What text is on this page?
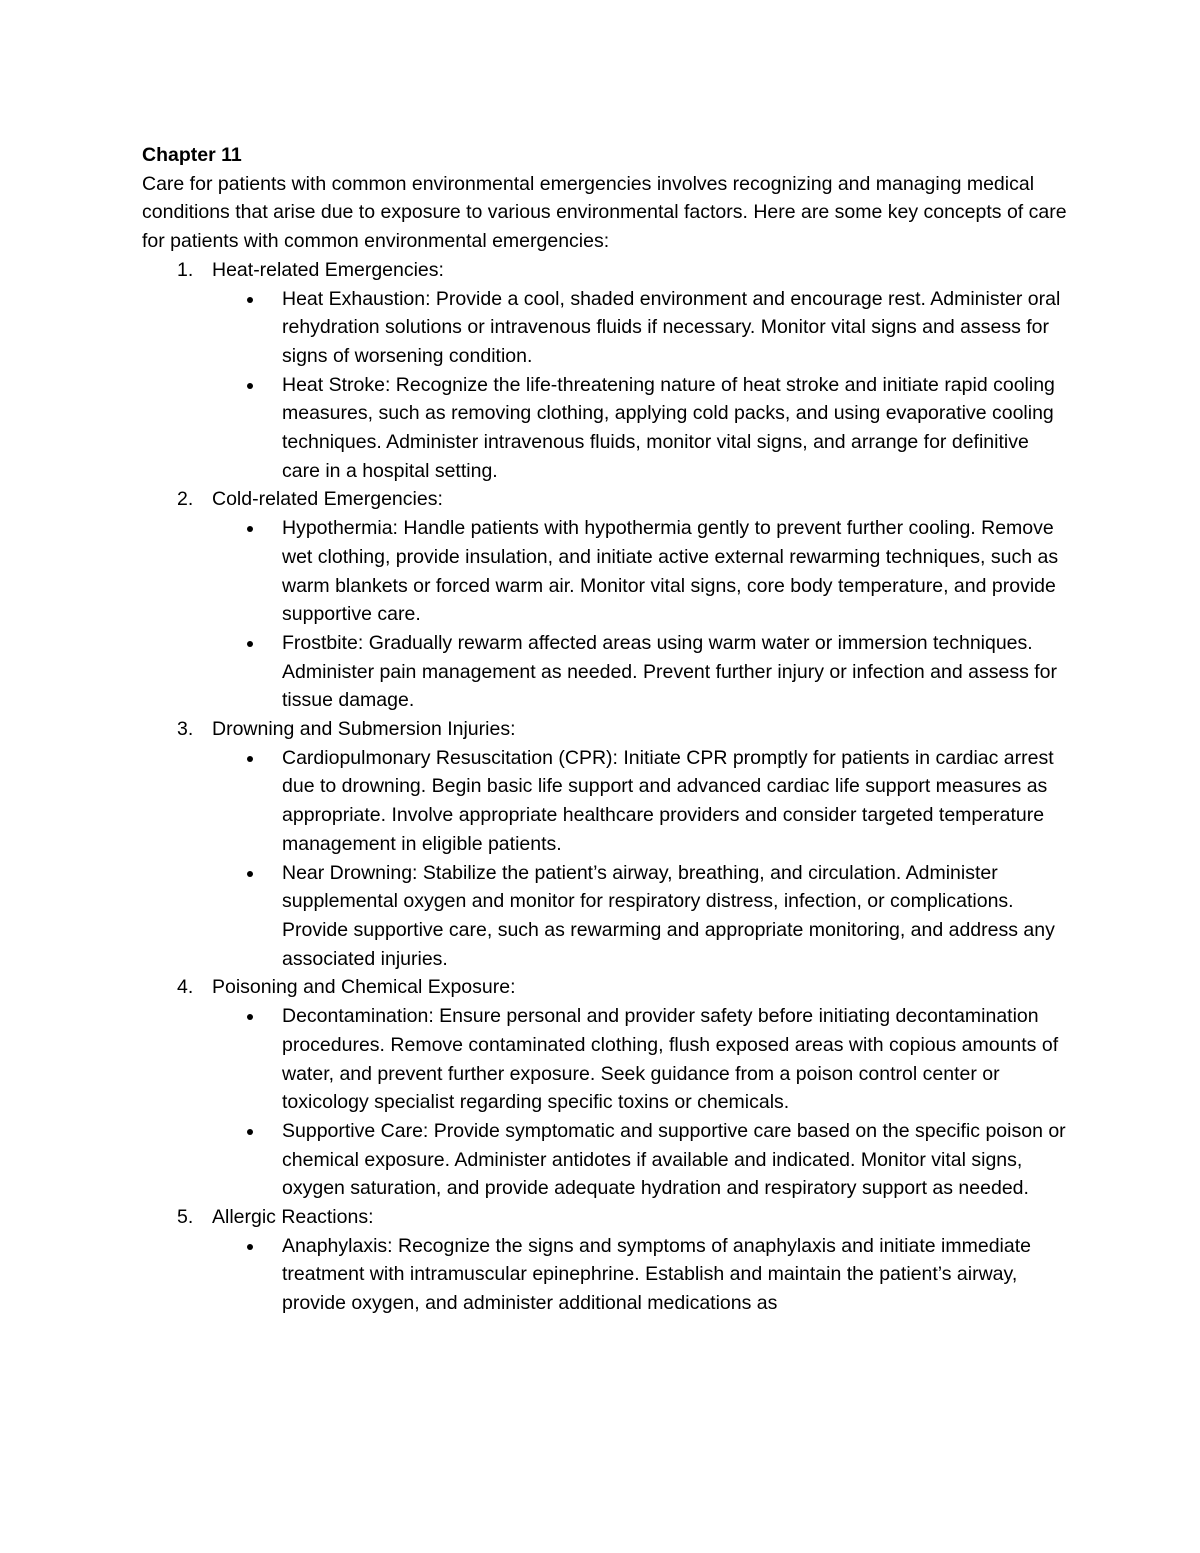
Chapter 11

Care for patients with common environmental emergencies involves recognizing and managing medical conditions that arise due to exposure to various environmental factors. Here are some key concepts of care for patients with common environmental emergencies:

1. Heat-related Emergencies:
Heat Exhaustion: Provide a cool, shaded environment and encourage rest. Administer oral rehydration solutions or intravenous fluids if necessary. Monitor vital signs and assess for signs of worsening condition.
Heat Stroke: Recognize the life-threatening nature of heat stroke and initiate rapid cooling measures, such as removing clothing, applying cold packs, and using evaporative cooling techniques. Administer intravenous fluids, monitor vital signs, and arrange for definitive care in a hospital setting.
2. Cold-related Emergencies:
Hypothermia: Handle patients with hypothermia gently to prevent further cooling. Remove wet clothing, provide insulation, and initiate active external rewarming techniques, such as warm blankets or forced warm air. Monitor vital signs, core body temperature, and provide supportive care.
Frostbite: Gradually rewarm affected areas using warm water or immersion techniques. Administer pain management as needed. Prevent further injury or infection and assess for tissue damage.
3. Drowning and Submersion Injuries:
Cardiopulmonary Resuscitation (CPR): Initiate CPR promptly for patients in cardiac arrest due to drowning. Begin basic life support and advanced cardiac life support measures as appropriate. Involve appropriate healthcare providers and consider targeted temperature management in eligible patients.
Near Drowning: Stabilize the patient’s airway, breathing, and circulation. Administer supplemental oxygen and monitor for respiratory distress, infection, or complications. Provide supportive care, such as rewarming and appropriate monitoring, and address any associated injuries.
4. Poisoning and Chemical Exposure:
Decontamination: Ensure personal and provider safety before initiating decontamination procedures. Remove contaminated clothing, flush exposed areas with copious amounts of water, and prevent further exposure. Seek guidance from a poison control center or toxicology specialist regarding specific toxins or chemicals.
Supportive Care: Provide symptomatic and supportive care based on the specific poison or chemical exposure. Administer antidotes if available and indicated. Monitor vital signs, oxygen saturation, and provide adequate hydration and respiratory support as needed.
5. Allergic Reactions:
Anaphylaxis: Recognize the signs and symptoms of anaphylaxis and initiate immediate treatment with intramuscular epinephrine. Establish and maintain the patient’s airway, provide oxygen, and administer additional medications as
